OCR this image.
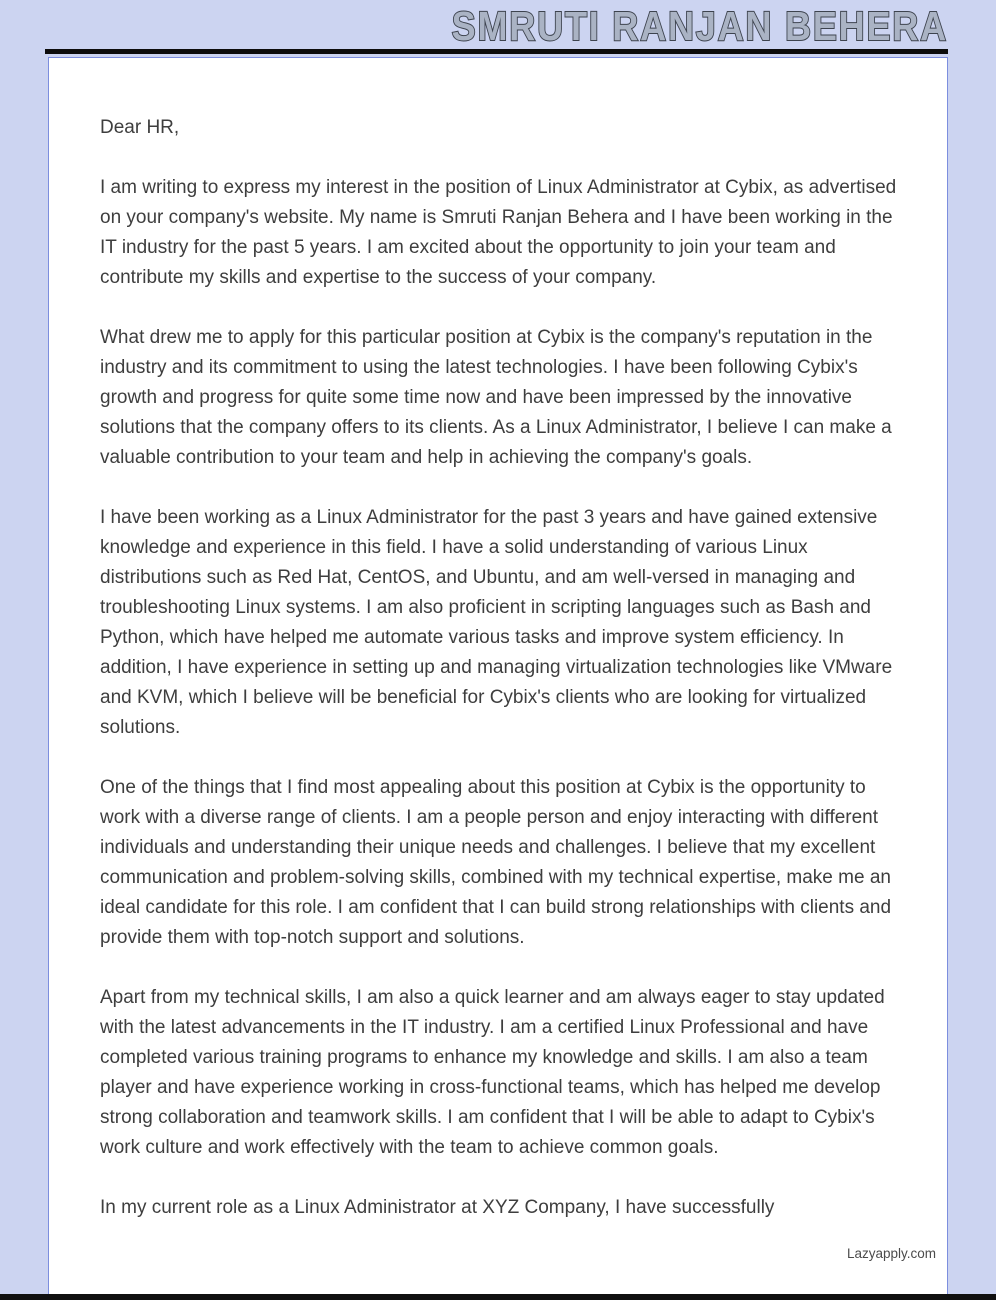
SMRUTI RANJAN BEHERA

Dear HR,

I am writing to express my interest in the position of Linux Administrator at Cybix, as advertised on your company's website. My name is Smruti Ranjan Behera and I have been working in the IT industry for the past 5 years. I am excited about the opportunity to join your team and contribute my skills and expertise to the success of your company.

What drew me to apply for this particular position at Cybix is the company's reputation in the industry and its commitment to using the latest technologies. I have been following Cybix's growth and progress for quite some time now and have been impressed by the innovative solutions that the company offers to its clients. As a Linux Administrator, I believe I can make a valuable contribution to your team and help in achieving the company's goals.

I have been working as a Linux Administrator for the past 3 years and have gained extensive knowledge and experience in this field. I have a solid understanding of various Linux distributions such as Red Hat, CentOS, and Ubuntu, and am well-versed in managing and troubleshooting Linux systems. I am also proficient in scripting languages such as Bash and Python, which have helped me automate various tasks and improve system efficiency. In addition, I have experience in setting up and managing virtualization technologies like VMware and KVM, which I believe will be beneficial for Cybix's clients who are looking for virtualized solutions.

One of the things that I find most appealing about this position at Cybix is the opportunity to work with a diverse range of clients. I am a people person and enjoy interacting with different individuals and understanding their unique needs and challenges. I believe that my excellent communication and problem-solving skills, combined with my technical expertise, make me an ideal candidate for this role. I am confident that I can build strong relationships with clients and provide them with top-notch support and solutions.

Apart from my technical skills, I am also a quick learner and am always eager to stay updated with the latest advancements in the IT industry. I am a certified Linux Professional and have completed various training programs to enhance my knowledge and skills. I am also a team player and have experience working in cross-functional teams, which has helped me develop strong collaboration and teamwork skills. I am confident that I will be able to adapt to Cybix's work culture and work effectively with the team to achieve common goals.

In my current role as a Linux Administrator at XYZ Company, I have successfully

Lazyapply.com
